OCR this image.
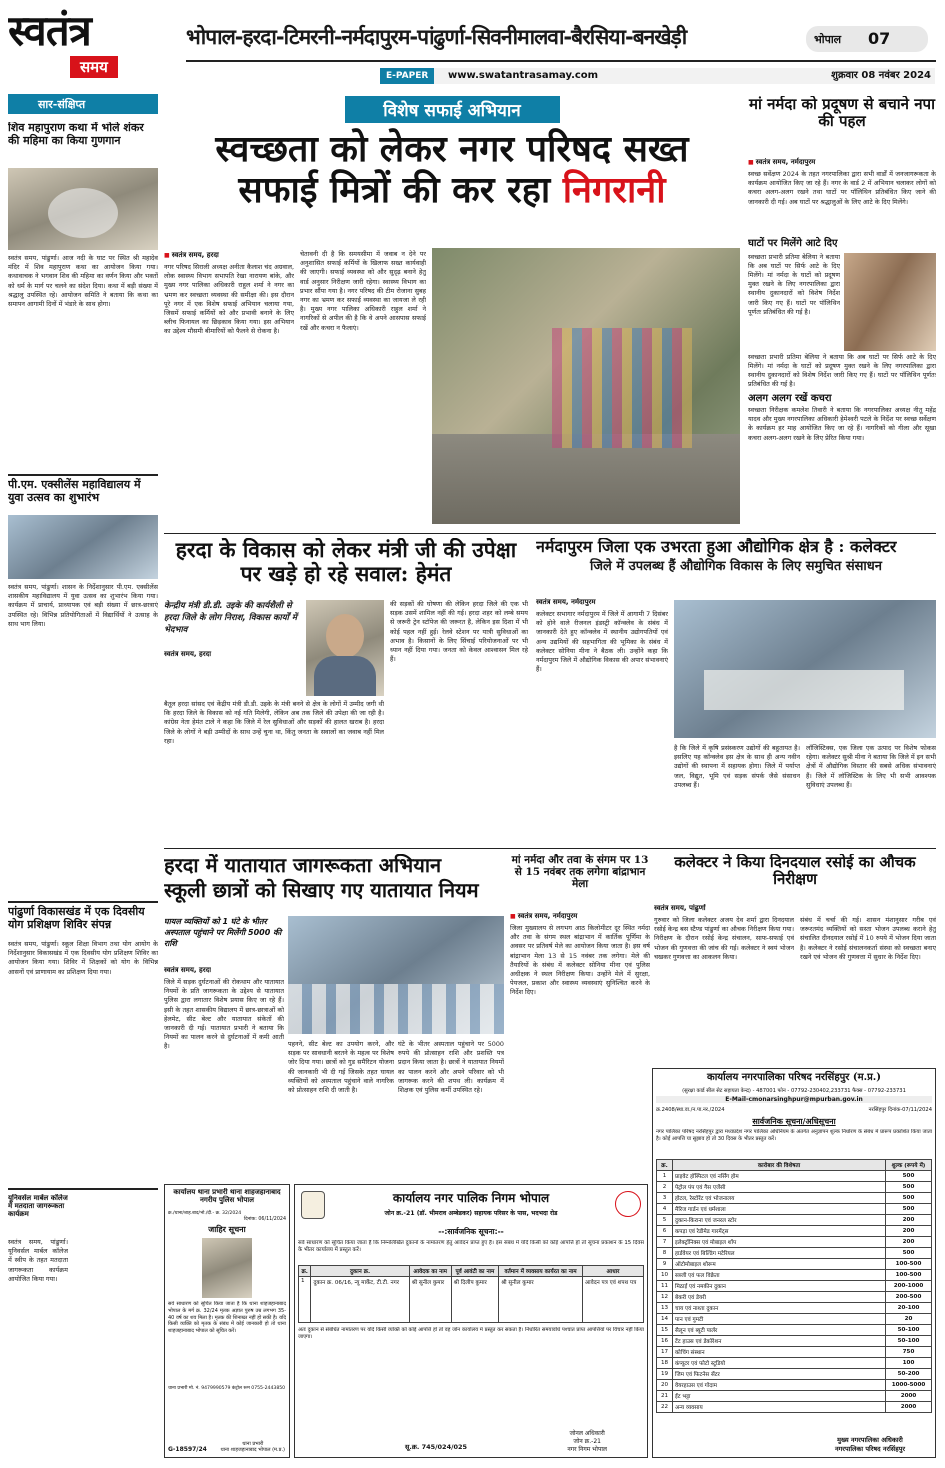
स्वतंत्र
समय
भोपाल-हरदा-टिमरनी-नर्मदापुरम-पांढुर्णा-सिवनीमालवा-बैरसिया-बनखेड़ी	भोपाल 07
E-PAPER	www.swatantrasamay.com	शुक्रवार 08 नवंबर 2024
सार-संक्षिप्त
शिव महापुराण कथा में भोले शंकर की महिमा का किया गुणगान
स्वतंत्र समय, पांढुर्णा। आज नदी के घाट पर स्थित श्री महादेव मंदिर में शिव महापुराण कथा का आयोजन किया गया। कथावाचक ने भगवान शिव की महिमा का वर्णन किया और भक्तों को धर्म के मार्ग पर चलने का संदेश दिया। कथा में बड़ी संख्या में श्रद्धालु उपस्थित रहे। आयोजन समिति ने बताया कि कथा का समापन आगामी दिनों में भंडारे के साथ होगा।
पी.एम. एक्सीलेंस महाविद्यालय में युवा उत्सव का शुभारंभ
स्वतंत्र समय, पांढुर्णा। शासन के निर्देशानुसार पी.एम. एक्सीलेंस शासकीय महाविद्यालय में युवा उत्सव का शुभारंभ किया गया। कार्यक्रम में प्राचार्य, प्राध्यापक एवं बड़ी संख्या में छात्र-छात्राएं उपस्थित रहे। विभिन्न प्रतियोगिताओं में विद्यार्थियों ने उत्साह के साथ भाग लिया।
पांढुर्णा विकासखंड में एक दिवसीय योग प्रशिक्षण शिविर संपन्न
स्वतंत्र समय, पांढुर्णा। स्कूल शिक्षा विभाग तथा योग आयोग के निर्देशानुसार विकासखंड में एक दिवसीय योग प्रशिक्षण शिविर का आयोजन किया गया। शिविर में शिक्षकों को योग के विभिन्न आसनों एवं प्राणायाम का प्रशिक्षण दिया गया।
यूनिवर्सल मार्बल कॉलेज में मतदाता जागरूकता कार्यक्रम
स्वतंत्र समय, पांढुर्णा। यूनिवर्सल मार्बल कॉलेज में स्वीप के तहत मतदाता जागरूकता कार्यक्रम आयोजित किया गया।
विशेष सफाई अभियान
स्वच्छता को लेकर नगर परिषद सख्त
सफाई मित्रों की कर रहा निगरानी
■ स्वतंत्र समय, हरदा
नगर परिषद सिराली अध्यक्ष अनीता कैलाश चंद अग्रवाल, लोक स्वास्थ्य विभाग सभापति रेखा नारायण बांके, और मुख्य नगर पालिका अधिकारी राहुल शर्मा ने नगर का भ्रमण कर स्वच्छता व्यवस्था की समीक्षा की। इस दौरान पूरे नगर में एक विशेष सफाई अभियान चलाया गया, जिसमें सफाई कर्मियों को और प्रभावी बनाने के लिए ब्लीच फिनायल का छिड़काव किया गया। इस अभियान का उद्देश्य मौसमी बीमारियों को फैलने से रोकना है।
चेतावनी दी है कि समयसीमा में जवाब न देने पर अनुशासित सफाई कर्मियों के खिलाफ सख्त कार्यवाही की जाएगी। सफाई व्यवस्था को और सुदृढ़ बनाने हेतु वार्ड अनुसार निरीक्षण जारी रहेगा। स्वास्थ्य विभाग का प्रभार सौंपा गया है। नगर परिषद की टीम रोजाना सुबह नगर का भ्रमण कर सफाई व्यवस्था का जायजा ले रही है। मुख्य नगर पालिका अधिकारी राहुल शर्मा ने नागरिकों से अपील की है कि वे अपने आसपास सफाई रखें और कचरा न फैलाएं।
मां नर्मदा को प्रदूषण से बचाने नपा की पहल
■ स्वतंत्र समय, नर्मदापुरम
स्वच्छ सर्वेक्षण 2024 के तहत नगरपालिका द्वारा सभी वार्डों में जनजागरूकता के कार्यक्रम आयोजित किए जा रहे हैं। नगर के वार्ड 2 में अभियान चलाकर लोगों को कचरा अलग-अलग रखने तथा घाटों पर पॉलिथिन प्रतिबंधित किए जाने की जानकारी दी गई। अब घाटों पर श्रद्धालुओं के लिए आटे के दिए मिलेंगे।
घाटों पर मिलेंगे आटे दिए
स्वच्छता प्रभारी प्रतिमा बेलिया ने बताया कि अब घाटों पर सिर्फ आटे के दिए मिलेंगे। मां नर्मदा के घाटों को प्रदूषण मुक्त रखने के लिए नगरपालिका द्वारा स्थानीय दुकानदारों को विशेष निर्देश जारी किए गए हैं। घाटों पर पॉलिथिन पूर्णतः प्रतिबंधित की गई है।
स्वच्छता प्रभारी प्रतिमा बेलिया ने बताया कि अब घाटों पर सिर्फ आटे के दिए मिलेंगे। मां नर्मदा के घाटों को प्रदूषण मुक्त रखने के लिए नगरपालिका द्वारा स्थानीय दुकानदारों को विशेष निर्देश जारी किए गए हैं। घाटों पर पॉलिथिन पूर्णतः प्रतिबंधित की गई है।
अलग अलग रखें कचरा
स्वच्छता निरीक्षक कमलेश तिवारी ने बताया कि नगरपालिका अध्यक्ष नीतू महेंद्र यादव और मुख्य नगरपालिका अधिकारी हेमेश्वरी पटले के निर्देश पर स्वच्छ सर्वेक्षण के कार्यक्रम हर माह आयोजित किए जा रहे हैं। नागरिकों को गीला और सूखा कचरा अलग-अलग रखने के लिए प्रेरित किया गया।
हरदा के विकास को लेकर मंत्री जी की उपेक्षा पर खड़े हो रहे सवाल: हेमंत
केन्द्रीय मंत्री डी.डी. उइके की कार्यशैली से हरदा जिले के लोग निराश, विकास कार्यों में भेदभाव
स्वतंत्र समय, हरदा
बैतूल हरदा सांसद एवं केंद्रीय मंत्री डी.डी. उइके के मंत्री बनने से क्षेत्र के लोगों में उम्मीद जगी थी कि हरदा जिले के विकास को नई गति मिलेगी, लेकिन अब तक जिले की उपेक्षा की जा रही है। कांग्रेस नेता हेमंत टाले ने कहा कि जिले में रेल सुविधाओं और सड़कों की हालत खराब है। हरदा जिले के लोगों ने बड़ी उम्मीदों के साथ उन्हें चुना था, किंतु जनता के सवालों का जवाब नहीं मिल रहा।
की सड़कों की घोषणा की लेकिन हरदा जिले की एक भी सड़क उसमें शामिल नहीं की गई। हरदा शहर को लम्बे समय से जरूरी ट्रेन स्टॉपेज की जरूरत है, लेकिन इस दिशा में भी कोई पहल नहीं हुई। रेलवे स्टेशन पर यात्री सुविधाओं का अभाव है। किसानों के लिए सिंचाई परियोजनाओं पर भी ध्यान नहीं दिया गया। जनता को केवल आश्वासन मिल रहे हैं।
नर्मदापुरम जिला एक उभरता हुआ औद्योगिक क्षेत्र है : कलेक्टर
जिले में उपलब्ध हैं औद्योगिक विकास के लिए समुचित संसाधन
स्वतंत्र समय, नर्मदापुरम
कलेक्टर सभागार नर्मदापुरम में जिले में आगामी 7 दिसंबर को होने वाले रीजनल इंडस्ट्री कॉन्क्लेव के संबंध में जानकारी देते हुए कॉन्क्लेव में स्थानीय उद्योगपतियों एवं अन्य उद्यमियों की सहभागिता की भूमिका के संबंध में कलेक्टर सोनिया मीना ने बैठक ली। उन्होंने कहा कि नर्मदापुरम जिले में औद्योगिक विकास की अपार संभावनाएं हैं।
है कि जिले में कृषि प्रसंस्करण उद्योगों की बहुतायत है। इसलिए यह कॉन्क्लेव इस क्षेत्र के साथ ही अन्य नवीन उद्योगों की स्थापना में सहायक होगा। जिले में पर्याप्त जल, विद्युत, भूमि एवं सड़क संपर्क जैसे संसाधन उपलब्ध हैं।
लॉजिस्टिक्स, एक जिला एक उत्पाद पर विशेष फोकस रहेगा। कलेक्टर सुश्री मीना ने बताया कि जिले में इन सभी क्षेत्रों में औद्योगिक विस्तार की सबसे अधिक संभावनाएं हैं। जिले में लॉजिस्टिक के लिए भी सभी आवश्यक सुविधाएं उपलब्ध हैं।
हरदा में यातायात जागरूकता अभियान
स्कूली छात्रों को सिखाए गए यातायात नियम
घायल व्यक्तियों को 1 घंटे के भीतर अस्पताल पहुंचाने पर मिलेंगी 5000 की राशि
स्वतंत्र समय, हरदा
जिले में सड़क दुर्घटनाओं की रोकथाम और यातायात नियमों के प्रति जागरूकता के उद्देश्य से यातायात पुलिस द्वारा लगातार विशेष प्रयास किए जा रहे हैं। इसी के तहत शासकीय विद्यालय में छात्र-छात्राओं को हेलमेट, सीट बेल्ट और यातायात संकेतों की जानकारी दी गई। यातायात प्रभारी ने बताया कि नियमों का पालन करने से दुर्घटनाओं में कमी आती है।	पहनने, सीट बेल्ट का उपयोग करने, और सड़क पर सावधानी बरतने के महत्व पर विशेष जोर दिया गया। छात्रों को गुड समैरिटन योजना की जानकारी भी दी गई जिसके तहत घायल व्यक्तियों को अस्पताल पहुंचाने वाले नागरिक को प्रोत्साहन राशि दी जाती है।
घंटे के भीतर अस्पताल पहुंचाने पर 5000 रुपये की प्रोत्साहन राशि और प्रशस्ति पत्र प्रदान किया जाता है। छात्रों ने यातायात नियमों का पालन करने और अपने परिवार को भी जागरूक करने की शपथ ली। कार्यक्रम में शिक्षक एवं पुलिस कर्मी उपस्थित रहे।
मां नर्मदा और तवा के संगम पर 13 से 15 नवंबर तक लगेगा बांद्राभान मेला
■ स्वतंत्र समय, नर्मदापुरम
जिला मुख्यालय से लगभग आठ किलोमीटर दूर स्थित नर्मदा और तवा के संगम स्थल बांद्राभान में कार्तिक पूर्णिमा के अवसर पर प्रतिवर्ष मेले का आयोजन किया जाता है। इस वर्ष बांद्राभान मेला 13 से 15 नवंबर तक लगेगा। मेले की तैयारियों के संबंध में कलेक्टर सोनिया मीना एवं पुलिस अधीक्षक ने स्थल निरीक्षण किया। उन्होंने मेले में सुरक्षा, पेयजल, प्रकाश और स्वास्थ्य व्यवस्थाएं सुनिश्चित करने के निर्देश दिए।
कलेक्टर ने किया दिनदयाल रसोई का औचक निरीक्षण
स्वतंत्र समय, पांढुर्णा
गुरुवार को जिला कलेक्टर अजय देव शर्मा द्वारा दिनदयाल रसोई केन्द्र बस स्टैण्ड पांढुर्णा का औचक निरीक्षण किया गया। निरीक्षण के दौरान रसोई केन्द्र संचालन, साफ-सफाई एवं भोजन की गुणवत्ता की जांच की गई। कलेक्टर ने स्वयं भोजन चखकर गुणवत्ता का आकलन किया।
संबंध में चर्चा की गई। शासन मंशानुसार गरीब एवं जरूरतमंद व्यक्तियों को सस्ता भोजन उपलब्ध कराने हेतु संचालित दीनदयाल रसोई में 10 रुपये में भोजन दिया जाता है। कलेक्टर ने रसोई संचालनकर्ता संस्था को स्वच्छता बनाए रखने एवं भोजन की गुणवत्ता में सुधार के निर्देश दिए।
कार्यालय नगरपालिका परिषद नरसिंहपुर (म.प्र.)
(सुरक्षा कार्ड सील सेट सहायता केन्द्र) - 487001 फोन - 07792-230402,233731 फैक्स - 07792-233731
E-Mail-cmonarsinghpur@mpurban.gov.in
क्र.2408/स्था.वा./न.पा.नर./2024	नरसिंहपुर दिनांक-07/11/2024
सार्वजनिक सूचना/अधिसूचना
नगर पालिका परिषद नरसिंहपुर द्वारा मध्यप्रदेश नगर पालिका अधिनियम के अंतर्गत अनुज्ञापन शुल्क निर्धारण के संबंध में प्रारूप प्रकाशित किया जाता है। कोई आपत्ति या सुझाव हो तो 30 दिवस के भीतर प्रस्तुत करें।
क्र.	कारोबार की विशेषता	शुल्क (रूपये में)
1	प्राइवेट हॉस्पिटल एवं नर्सिंग होम	500
2	पेट्रोल पंप एवं गैस एजेंसी	500
3	होटल, रेस्टोरेंट एवं भोजनालय	500
4	मैरिज गार्डन एवं धर्मशाला	500
5	दुकान-किराना एवं जनरल स्टोर	200
6	कपड़ा एवं रेडीमेड गारमेंट्स	200
7	इलेक्ट्रॉनिक्स एवं मोबाइल शॉप	200
8	हार्डवेयर एवं बिल्डिंग मटेरियल	500
9	ऑटोमोबाइल शोरूम	100-500
10	सब्जी एवं फल विक्रेता	100-500
11	मिठाई एवं नमकीन दुकान	200-1000
12	बेकरी एवं डेयरी	200-500
13	चाय एवं नाश्ता दुकान	20-100
14	पान एवं गुमटी	20
15	सैलून एवं ब्यूटी पार्लर	50-100
16	टेंट हाउस एवं डेकोरेशन	50-100
17	कोचिंग संस्थान	750
18	कंप्यूटर एवं फोटो स्टूडियो	100
19	जिम एवं फिटनेस सेंटर	50-200
20	वेयरहाउस एवं गोदाम	1000-5000
21	ईंट भट्टा	2000
22	अन्य व्यवसाय	2000
मुख्य नगरपालिका अधिकारी
नगरपालिका परिषद नरसिंहपुर
कार्यालय थाना प्रभारी थाना शाहजहानाबाद नगरीय पुलिस भोपाल
क्र./थाना/शाह.बाद/भो./दी.- क्र. 32/2024
दिनांक: 06/11/2024
जाहिर सूचना
सर्व साधारण को सूचित किया जाता है कि थाना शाहजहानाबाद भोपाल के मर्ग क्र. 32/24 मृतक अज्ञात पुरुष उम्र लगभग 35-40 वर्ष का शव मिला है। मृतक की शिनाख्त नहीं हो सकी है। यदि किसी व्यक्ति को मृतक के संबंध में कोई जानकारी हो तो थाना शाहजहानाबाद भोपाल को सूचित करें।
थाना प्रभारी मो. नं. 9479990579 कंट्रोल रूम 0755-2443850
G-18597/24
थाना प्रभारी
थाना शाहजहानाबाद भोपाल (म.प्र.)
कार्यालय नगर पालिक निगम भोपाल
जोन क्र.-21 (डॉ. भीमराव अम्बेडकर) सहायक परिसर के पास, भदभदा रोड
--:सार्वजनिक सूचना:--
सर्व साधारण को सूचित किया जाता है कि निम्नलिखित दुकानों के नामांतरण हेतु आवेदन प्राप्त हुए हैं। इस संबंध में यदि किसी को कोई आपत्ति हो तो सूचना प्रकाशन के 15 दिवस के भीतर कार्यालय में प्रस्तुत करें।
क्र.	दुकान क्र.	आवेदक का नाम	पूर्व आवंटी का नाम	वर्तमान में व्यवसाय कार्यरत का नाम	आधार
1	दुकान क्र. 06/16, न्यू मार्केट, टी.टी. नगर	श्री सुनील कुमार	श्री दिलीप कुमार	श्री सुनील कुमार	आवेदन पत्र एवं शपथ पत्र
अतः दुकान से संबंधित नामांतरण पर यदि किसी व्यक्ति को कोई आपत्ति हो तो वह जोन कार्यालय में प्रस्तुत कर सकता है। निर्धारित समयावधि पश्चात प्राप्त आपत्तियों पर विचार नहीं किया जाएगा।
सू.क्र. 745/024/025
जोनल अधिकारी
जोन क्र.-21
नगर निगम भोपाल
